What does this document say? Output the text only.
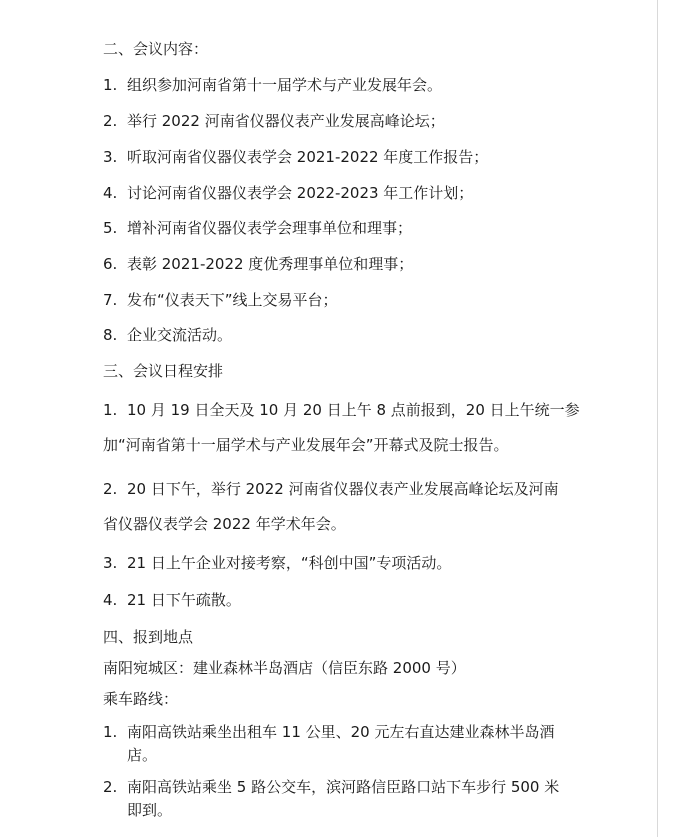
二、会议内容：
1. 组织参加河南省第十一届学术与产业发展年会。
2. 举行 2022 河南省仪器仪表产业发展高峰论坛；
3. 听取河南省仪器仪表学会 2021-2022 年度工作报告；
4. 讨论河南省仪器仪表学会 2022-2023 年工作计划；
5. 增补河南省仪器仪表学会理事单位和理事；
6. 表彰 2021-2022 度优秀理事单位和理事；
7. 发布“仪表天下”线上交易平台；
8. 企业交流活动。
三、会议日程安排
1. 10 月 19 日全天及 10 月 20 日上午 8 点前报到，20 日上午统一参
加“河南省第十一届学术与产业发展年会”开幕式及院士报告。
2. 20 日下午，举行 2022 河南省仪器仪表产业发展高峰论坛及河南
省仪器仪表学会 2022 年学术年会。
3. 21 日上午企业对接考察，“科创中国”专项活动。
4. 21 日下午疏散。
四、报到地点
南阳宛城区：建业森林半岛酒店（信臣东路 2000 号）
乘车路线：
1. 南阳高铁站乘坐出租车 11 公里、20 元左右直达建业森林半岛酒
店。
2. 南阳高铁站乘坐 5 路公交车，滨河路信臣路口站下车步行 500 米
即到。
